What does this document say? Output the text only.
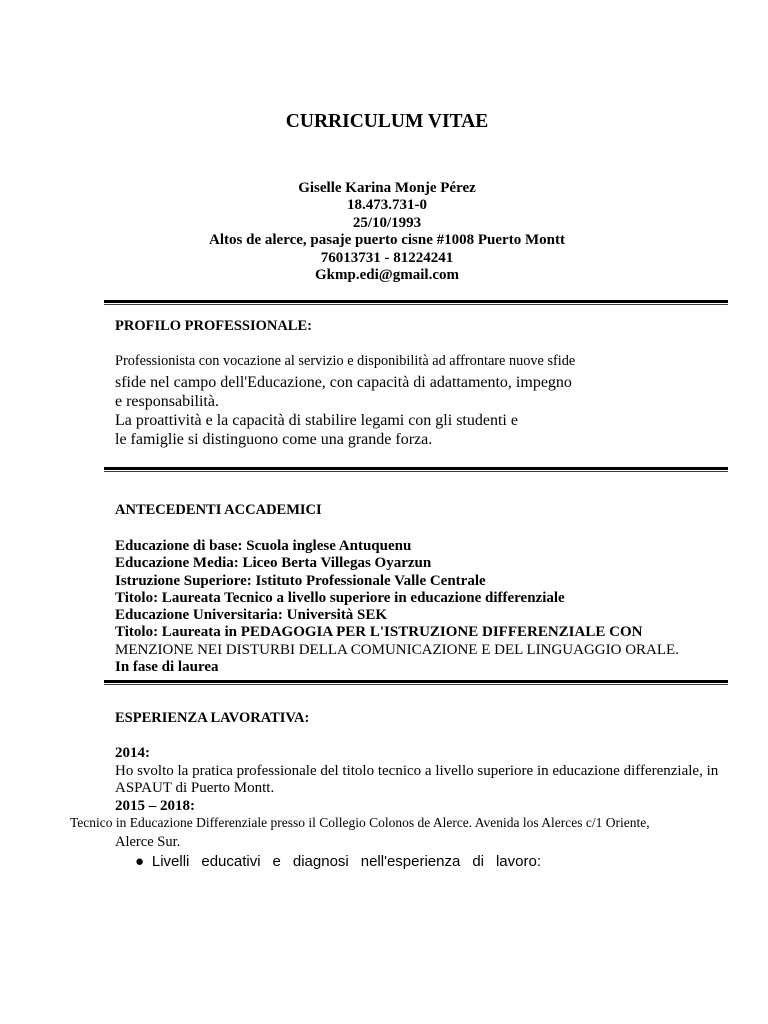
CURRICULUM VITAE
Giselle Karina Monje Pérez
18.473.731-0
25/10/1993
Altos de alerce, pasaje puerto cisne #1008 Puerto Montt
76013731 - 81224241
Gkmp.edi@gmail.com
PROFILO PROFESSIONALE:
Professionista con vocazione al servizio e disponibilità ad affrontare nuove sfide
sfide nel campo dell'Educazione, con capacità di adattamento, impegno
e responsabilità.
La proattività e la capacità di stabilire legami con gli studenti e
le famiglie si distinguono come una grande forza.
ANTECEDENTI ACCADEMICI
Educazione di base: Scuola inglese Antuquenu
Educazione Media: Liceo Berta Villegas Oyarzun
Istruzione Superiore: Istituto Professionale Valle Centrale
Titolo: Laureata Tecnico a livello superiore in educazione differenziale
Educazione Universitaria: Università SEK
Titolo: Laureata in PEDAGOGIA PER L'ISTRUZIONE DIFFERENZIALE CON
MENZIONE NEI DISTURBI DELLA COMUNICAZIONE E DEL LINGUAGGIO ORALE.
In fase di laurea
ESPERIENZA LAVORATIVA:
2014:
Ho svolto la pratica professionale del titolo tecnico a livello superiore in educazione differenziale, in
ASPAUT di Puerto Montt.
2015 – 2018:
Tecnico in Educazione Differenziale presso il Collegio Colonos de Alerce. Avenida los Alerces c/1 Oriente,
Alerce Sur.
●Livelli educativi e diagnosi nell'esperienza di lavoro:
